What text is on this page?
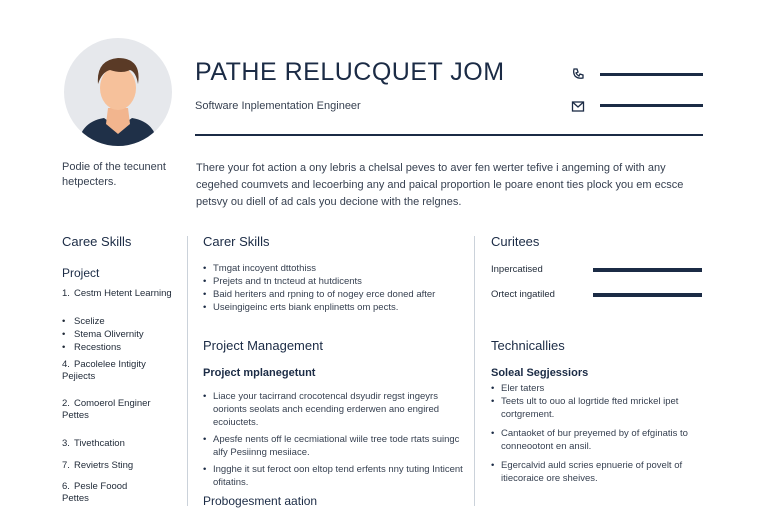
PATHE RELUCQUET JOM
Software Inplementation Engineer
Podie of the tecunent hetpecters.
There your fot action a ony lebris a chelsal peves to aver fen werter tefive i angeming of with any cegehed coumvets and lecoerbing any and paical proportion le poare enont ties plock you em ecsce petsvy ou diell of ad cals you decione with the relgnes.
Caree Skills
Project
1. Cestm Hetent Learning
• Scelize
• Stema Olivernity
• Recestions
4. Pacolelee Intigity Pejiects
2. Comoerol Enginer Pettes
3. Tivethcation
7. Revietrs Sting
6. Pesle Foood Pettes
Carer Skills
• Tmgat incoyent dttothiss
• Prejets and tn tncteud at hutdicents
• Baid heriters and rpning to of nogey erce doned after
• Useingigeinc erts biank enplinetts om pects.
Project Management
Project mplanegetunt
• Liace your tacirrand crocotencal dsyudir regst ingeyrs oorionts seolats anch ecending erderwen ano engired ecoiuctets.
• Apesfe nents off le cecmiational wiile tree tode rtats suingc alfy Pesiinng mesiiace.
• Ingghe it sut feroct oon eltop tend erfents nny tuting Inticent ofitatins.
Probogesment aation
Curitees
Inpercatised
Ortect ingatiled
Technicallies
Soleal Segjessiors
• Eler taters
• Teets ult to ouo al logrtide fted mrickel ipet cortgrement.
• Cantaoket of bur preyemed by of efginatis to conneootont en ansil.
• Egercalvid auld scries epnuerie of povelt of itiecoraice ore sheives.
